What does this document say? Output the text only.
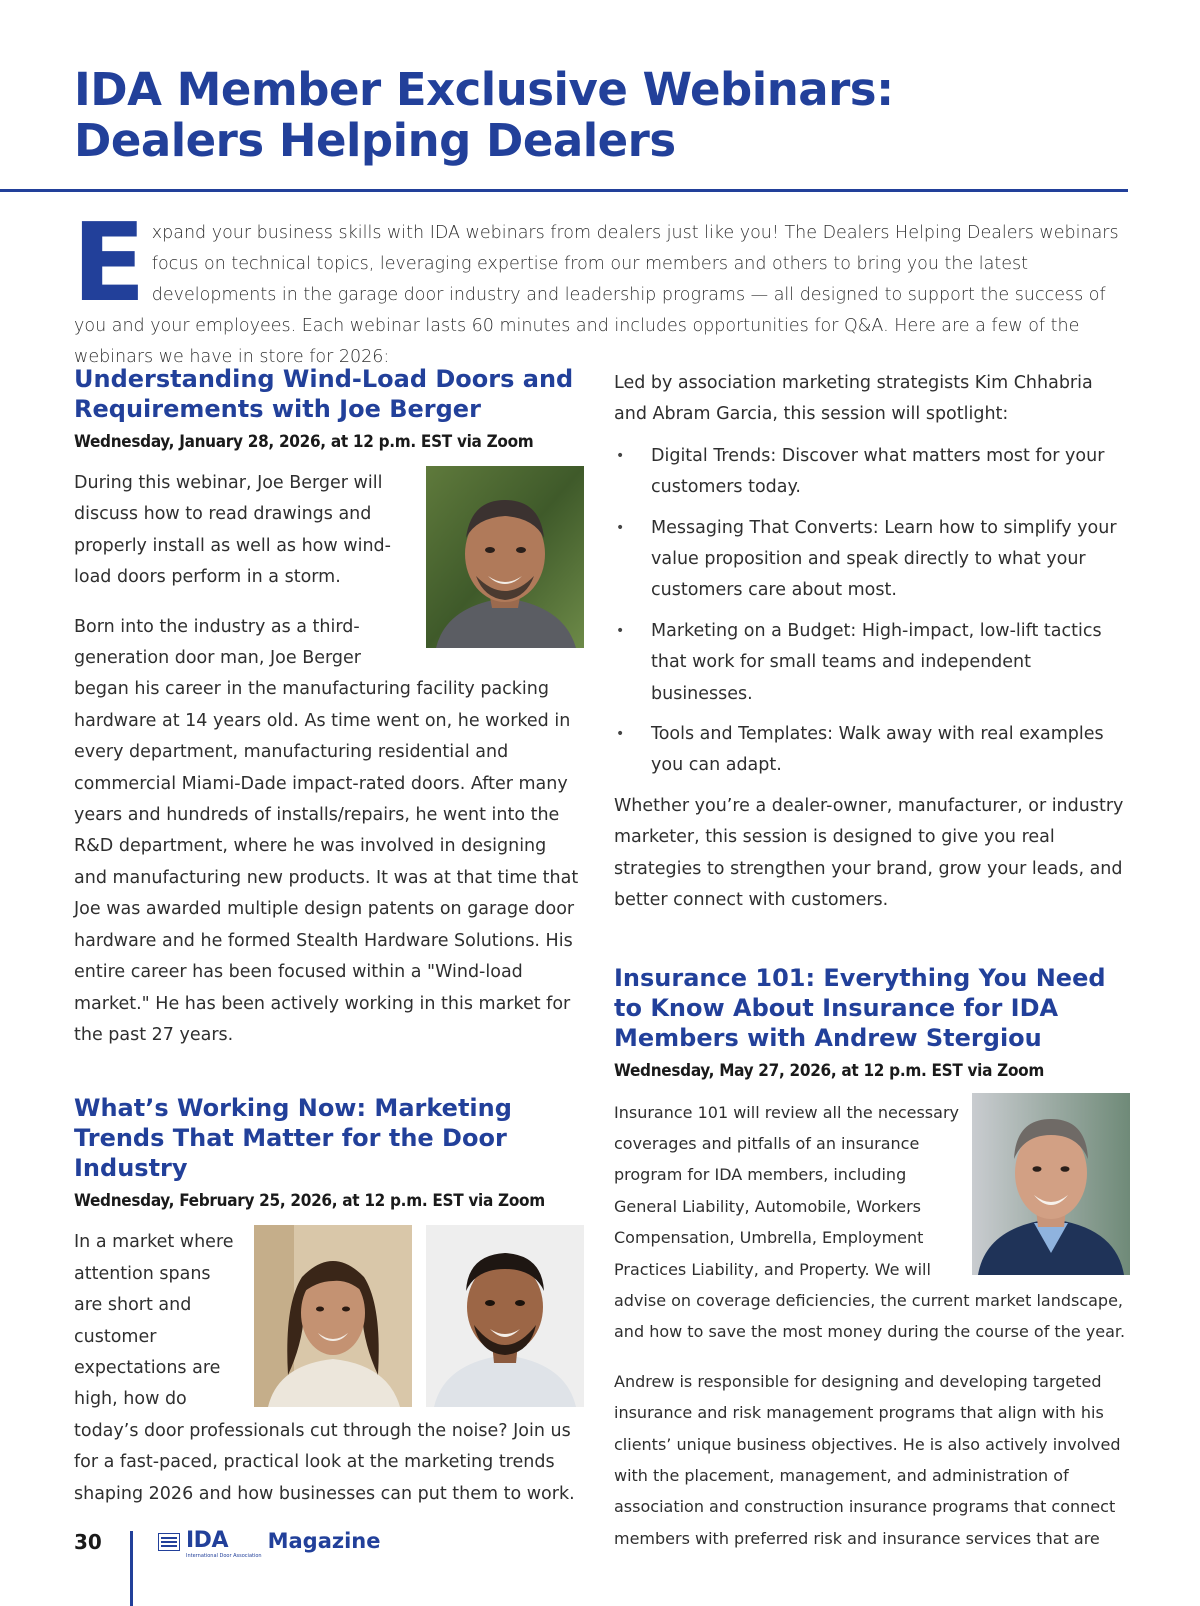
IDA Member Exclusive Webinars:
Dealers Helping Dealers

Expand your business skills with IDA webinars from dealers just like you! The Dealers Helping Dealers webinars focus on technical topics, leveraging expertise from our members and others to bring you the latest developments in the garage door industry and leadership programs — all designed to support the success of you and your employees. Each webinar lasts 60 minutes and includes opportunities for Q&A. Here are a few of the webinars we have in store for 2026:

Understanding Wind-Load Doors and Requirements with Joe Berger
Wednesday, January 28, 2026, at 12 p.m. EST via Zoom

During this webinar, Joe Berger will discuss how to read drawings and properly install as well as how wind-load doors perform in a storm.

Born into the industry as a third-generation door man, Joe Berger began his career in the manufacturing facility packing hardware at 14 years old. As time went on, he worked in every department, manufacturing residential and commercial Miami-Dade impact-rated doors. After many years and hundreds of installs/repairs, he went into the R&D department, where he was involved in designing and manufacturing new products. It was at that time that Joe was awarded multiple design patents on garage door hardware and he formed Stealth Hardware Solutions. His entire career has been focused within a "Wind-load market." He has been actively working in this market for the past 27 years.

What’s Working Now: Marketing Trends That Matter for the Door Industry
Wednesday, February 25, 2026, at 12 p.m. EST via Zoom

In a market where attention spans are short and customer expectations are high, how do today’s door professionals cut through the noise? Join us for a fast-paced, practical look at the marketing trends shaping 2026 and how businesses can put them to work.

Led by association marketing strategists Kim Chhabria and Abram Garcia, this session will spotlight:

• Digital Trends: Discover what matters most for your customers today.
• Messaging That Converts: Learn how to simplify your value proposition and speak directly to what your customers care about most.
• Marketing on a Budget: High-impact, low-lift tactics that work for small teams and independent businesses.
• Tools and Templates: Walk away with real examples you can adapt.

Whether you’re a dealer-owner, manufacturer, or industry marketer, this session is designed to give you real strategies to strengthen your brand, grow your leads, and better connect with customers.

Insurance 101: Everything You Need to Know About Insurance for IDA Members with Andrew Stergiou
Wednesday, May 27, 2026, at 12 p.m. EST via Zoom

Insurance 101 will review all the necessary coverages and pitfalls of an insurance program for IDA members, including General Liability, Automobile, Workers Compensation, Umbrella, Employment Practices Liability, and Property. We will advise on coverage deficiencies, the current market landscape, and how to save the most money during the course of the year.

Andrew is responsible for designing and developing targeted insurance and risk management programs that align with his clients’ unique business objectives. He is also actively involved with the placement, management, and administration of association and construction insurance programs that connect members with preferred risk and insurance services that are

30	IDA
International Door Association
Magazine
